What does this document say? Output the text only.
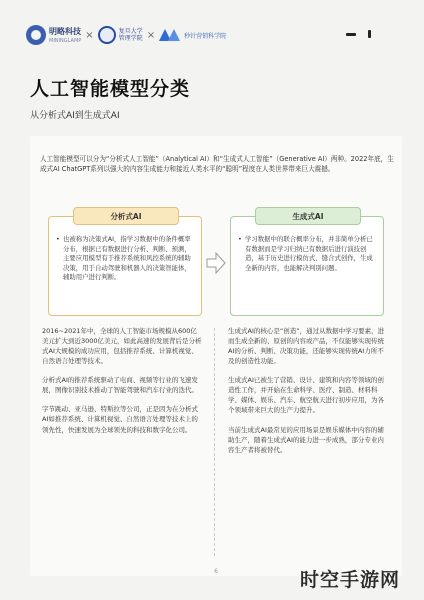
明略科技
MININGLAMP
×	复旦大学
管理学院 ×	秒针营销科学院
人工智能模型分类
从分析式AI到生成式AI

人工智能模型可以分为“分析式人工智能”（Analytical AI）和“生成式人工智能”（Generative AI）两种。2022年底，生成式AI ChatGPT系列以强大的内容生成能力和接近人类水平的“聪明”程度在人类世界带来巨大震撼。

分析式AI

• 也被称为决策式AI，指学习数据中的条件概率分布，根据已有数据进行分析、判断、预测，主要应用模型有于推荐系统和风控系统的辅助决策，用于自动驾驶和机器人的决策智能体，辅助用户进行判断。

生成式AI

• 学习数据中的联合概率分布，并非简单分析已有数据而是学习归纳已有数据后进行演技创造，基于历史进行模仿式、缝合式创作，生成全新的内容，也能解决判别问题。

2016~2021年中，全球的人工智能市场规模从600亿美元扩大到近3000亿美元，如此高速的发展背后是分析式AI大规模的成功应用，包括推荐系统、计算机视觉、自然语言处理等技术。

分析式AI的推荐系统驱动了电商、视频等行业的飞速发展，图像识别技术推动了智能驾驶和汽车行业的迭代。

字节跳动、亚马逊、特斯拉等公司，正是因为在分析式AI如推荐系统、计算机视觉、自然语言处理等技术上的领先性，快速发展为全球领先的科技和数字化公司。

生成式AI的核心是“创造”，通过从数据中学习要素，进而生成全新的、原创的内容或产品，不仅能够实现传统AI的分析、判断、决策功能，还能够实现传统AI力所不及的创造性功能。

生成式AI已被生了营销、设计、建筑和内容等领域的创造性工作，并开始在生命科学、医疗、制造、材料科学、媒体、娱乐、汽车、航空航天进行初步应用，为各个领域带来巨大的生产力提升。

当前生成式AI最常见的应用场景是娱乐媒体中内容的辅助生产，随着生成式AI的能力进一步成熟，部分专业内容生产者将被替代。

6	时空手游网
